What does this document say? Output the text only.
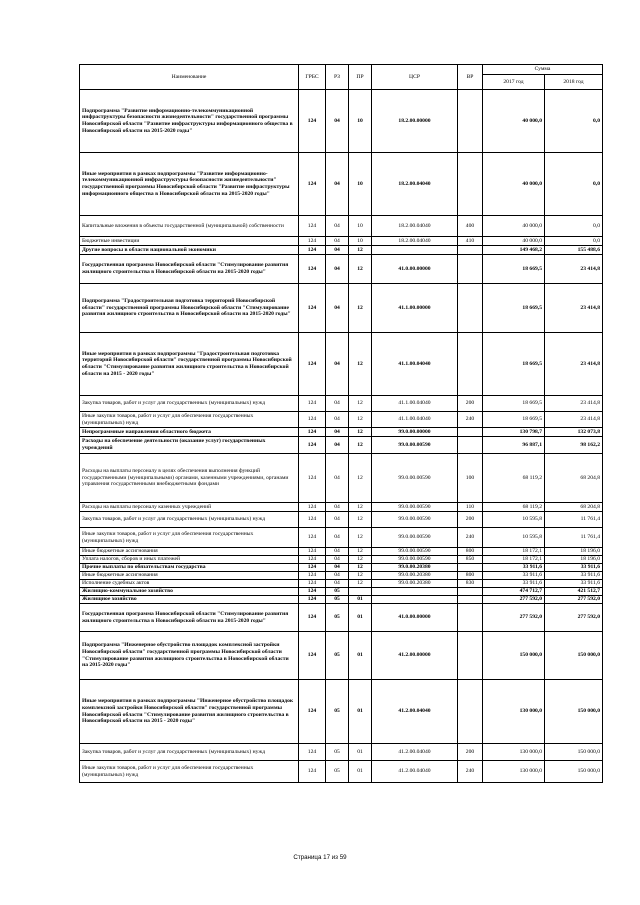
Наименование	ГРБС	РЗ	ПР	ЦСР	ВР	Сумма	
						2017 год	2018 год
Подпрограмма "Развитие информационно-телекоммуникационной инфраструктуры безопасности жизнедеятельности" государственной программы Новосибирской области "Развитие инфраструктуры информационного общества в Новосибирской области на 2015-2020 годы"	124	04	10	18.2.00.00000		40 000,0	0,0
Иные мероприятия в рамках подпрограммы "Развитие информационно-телекоммуникационной инфраструктуры безопасности жизнедеятельности" государственной программы Новосибирской области "Развитие инфраструктуры информационного общества в Новосибирской области на 2015-2020 годы"	124	04	10	18.2.00.04040		40 000,0	0,0
Капитальные вложения в объекты государственной (муниципальной) собственности	124	04	10	18.2.00.04040	400	40 000,0	0,0
Бюджетные инвестиции	124	04	10	18.2.00.04040	410	40 000,0	0,0
Другие вопросы в области национальной экономики	124	04	12			149 468,2	155 488,6
Государственная программа Новосибирской области "Стимулирование развития жилищного строительства в Новосибирской области на 2015-2020 годы"	124	04	12	41.0.00.00000		18 669,5	23 414,8
Подпрограмма "Градостроительная подготовка территорий Новосибирской области" государственной программы Новосибирской области "Стимулирование развития жилищного строительства в Новосибирской области на 2015-2020 годы"	124	04	12	41.1.00.00000		18 669,5	23 414,8
Иные мероприятия в рамках подпрограммы "Градостроительная подготовка территорий Новосибирской области" государственной программы Новосибирской области "Стимулирование развития жилищного строительства в Новосибирской области на 2015 - 2020 годы"	124	04	12	41.1.00.04040		18 669,5	23 414,8
Закупка товаров, работ и услуг для государственных (муниципальных) нужд	124	04	12	41.1.00.04040	200	18 669,5	23 414,8
Иные закупки товаров, работ и услуг для обеспечения государственных (муниципальных) нужд	124	04	12	41.1.00.04040	240	18 669,5	23 414,8
Непрограммные направления областного бюджета	124	04	12	99.0.00.00000		130 798,7	132 073,8
Расходы на обеспечение деятельности (оказание услуг) государственных учреждений	124	04	12	99.0.00.00590		96 887,1	98 162,2
Расходы на выплаты персоналу в целях обеспечения выполнения функций государственными (муниципальными) органами, казенными учреждениями, органами управления государственными внебюджетными фондами	124	04	12	99.0.00.00590	100	68 119,2	68 204,8
Расходы на выплаты персоналу казенных учреждений	124	04	12	99.0.00.00590	110	68 119,2	68 204,8
Закупка товаров, работ и услуг для государственных (муниципальных) нужд	124	04	12	99.0.00.00590	200	10 595,8	11 761,4
Иные закупки товаров, работ и услуг для обеспечения государственных (муниципальных) нужд	124	04	12	99.0.00.00590	240	10 595,8	11 761,4
Иные бюджетные ассигнования	124	04	12	99.0.00.00590	800	18 172,1	18 196,0
Уплата налогов, сборов и иных платежей	124	04	12	99.0.00.00590	850	18 172,1	18 196,0
Прочие выплаты по обязательствам государства	124	04	12	99.0.00.20380		33 911,6	33 911,6
Иные бюджетные ассигнования	124	04	12	99.0.00.20380	800	33 911,6	33 911,6
Исполнение судебных актов	124	04	12	99.0.00.20380	830	33 911,6	33 911,6
Жилищно-коммунальное хозяйство	124	05				474 712,7	421 512,7
Жилищное хозяйство	124	05	01			277 592,0	277 592,0
Государственная программа Новосибирской области "Стимулирование развития жилищного строительства в Новосибирской области на 2015-2020 годы"	124	05	01	41.0.00.00000		277 592,0	277 592,0
Подпрограмма "Инженерное обустройство площадок комплексной застройки Новосибирской области" государственной программы Новосибирской области "Стимулирование развития жилищного строительства в Новосибирской области на 2015-2020 годы"	124	05	01	41.2.00.00000		150 000,0	150 000,0
Иные мероприятия в рамках подпрограммы "Инженерное обустройство площадок комплексной застройки Новосибирской области" государственной программы Новосибирской области "Стимулирование развития жилищного строительства в Новосибирской области на 2015 - 2020 годы"	124	05	01	41.2.00.04040		130 000,0	150 000,0
Закупка товаров, работ и услуг для государственных (муниципальных) нужд	124	05	01	41.2.00.04040	200	130 000,0	150 000,0
Иные закупки товаров, работ и услуг для обеспечения государственных (муниципальных) нужд	124	05	01	41.2.00.04040	240	130 000,0	150 000,0
Страница 17 из 59
